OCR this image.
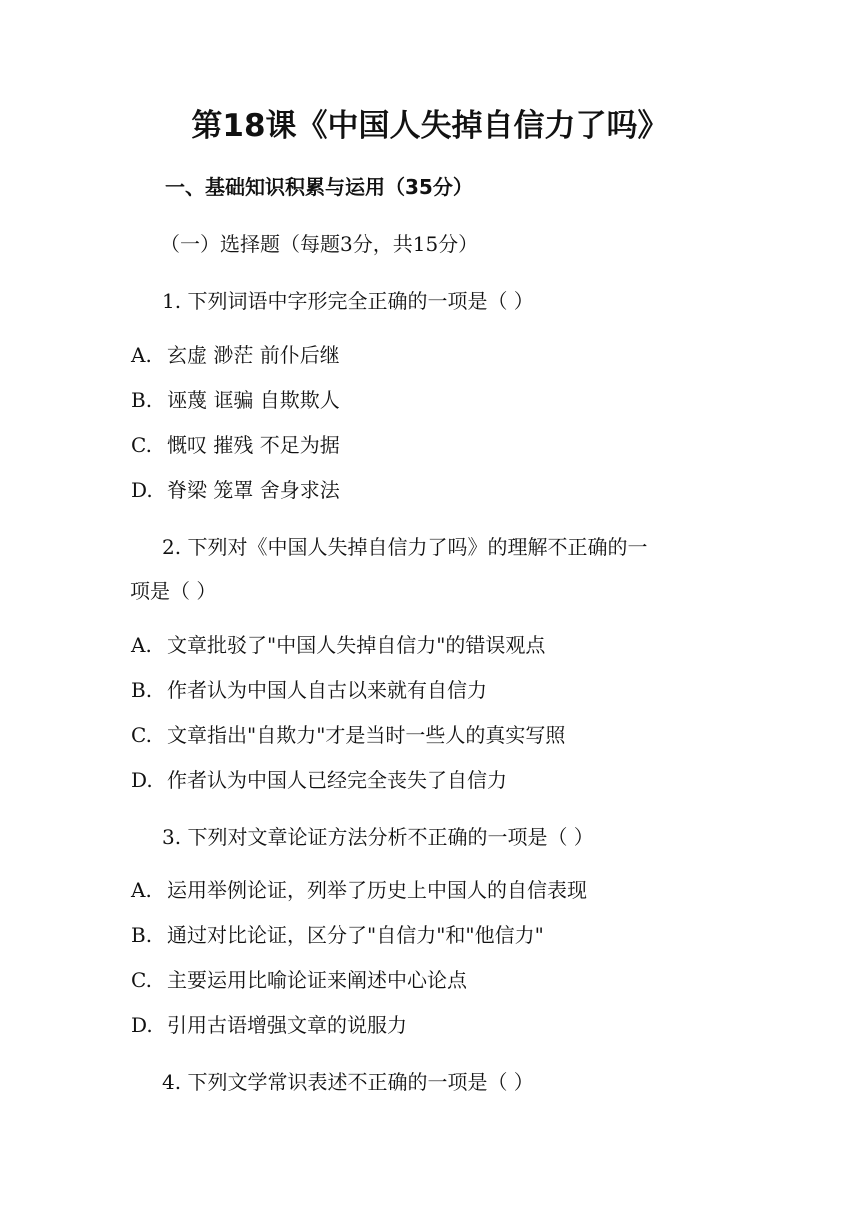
第18课《中国人失掉自信力了吗》
一、基础知识积累与运用（35分）
（一）选择题（每题3分，共15分）
1. 下列词语中字形完全正确的一项是（ ）
A. 玄虚 渺茫 前仆后继
B. 诬蔑 诓骗 自欺欺人
C. 慨叹 摧残 不足为据
D. 脊梁 笼罩 舍身求法
2. 下列对《中国人失掉自信力了吗》的理解不正确的一
项是（ ）
A. 文章批驳了"中国人失掉自信力"的错误观点
B. 作者认为中国人自古以来就有自信力
C. 文章指出"自欺力"才是当时一些人的真实写照
D. 作者认为中国人已经完全丧失了自信力
3. 下列对文章论证方法分析不正确的一项是（ ）
A. 运用举例论证，列举了历史上中国人的自信表现
B. 通过对比论证，区分了"自信力"和"他信力"
C. 主要运用比喻论证来阐述中心论点
D. 引用古语增强文章的说服力
4. 下列文学常识表述不正确的一项是（ ）
